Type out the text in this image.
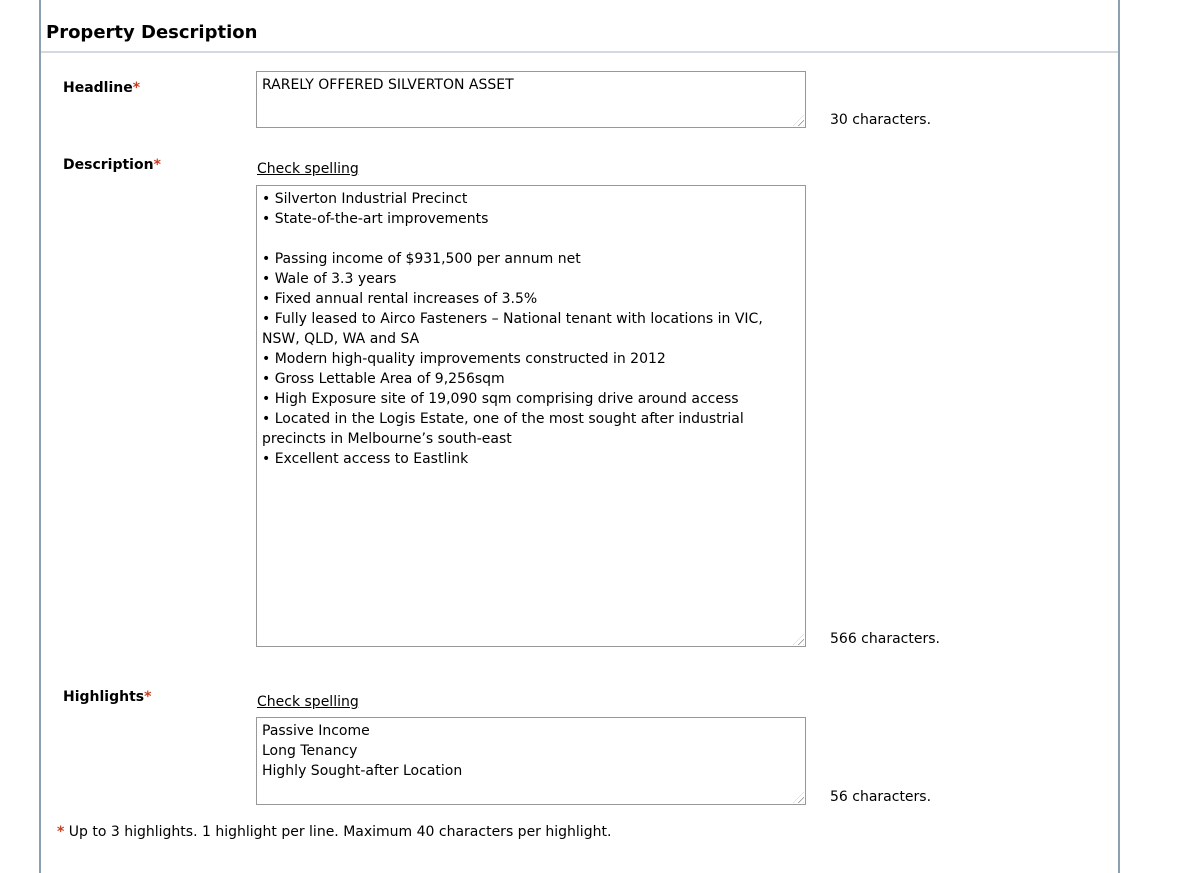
Property Description
Headline*
RARELY OFFERED SILVERTON ASSET
30 characters.
Description*	Check spelling
• Silverton Industrial Precinct • State-of-the-art improvements • Passing income of $931,500 per annum net • Wale of 3.3 years • Fixed annual rental increases of 3.5% • Fully leased to Airco Fasteners – National tenant with locations in VIC, NSW, QLD, WA and SA • Modern high-quality improvements constructed in 2012 • Gross Lettable Area of 9,256sqm • High Exposure site of 19,090 sqm comprising drive around access • Located in the Logis Estate, one of the most sought after industrial precincts in Melbourne’s south-east • Excellent access to Eastlink
566 characters.
Highlights*	Check spelling
Passive Income Long Tenancy Highly Sought-after Location
56 characters.
* Up to 3 highlights. 1 highlight per line. Maximum 40 characters per highlight.
